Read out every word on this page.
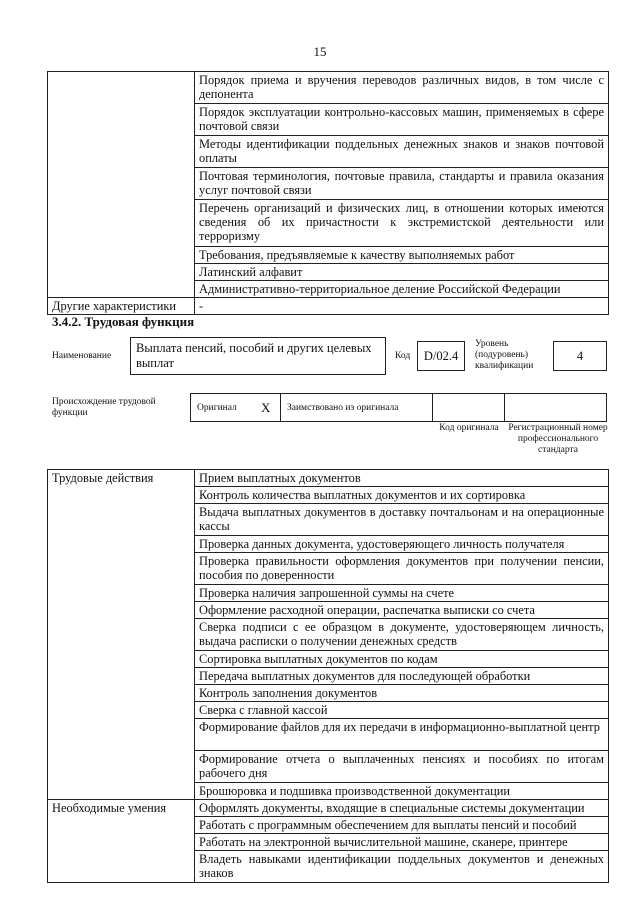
15
	Порядок приема и вручения переводов различных видов, в том числе с депонента
	Порядок эксплуатации контрольно-кассовых машин, применяемых в сфере почтовой связи
	Методы идентификации поддельных денежных знаков и знаков почтовой оплаты
	Почтовая терминология, почтовые правила, стандарты и правила оказания услуг почтовой связи
	Перечень организаций и физических лиц, в отношении которых имеются сведения об их причастности к экстремистской деятельности или терроризму
	Требования, предъявляемые к качеству выполняемых работ
	Латинский алфавит
	Административно-территориальное деление Российской Федерации
Другие характеристики	-
3.4.2. Трудовая функция
Наименование
Выплата пенсий, пособий и других целевых выплат	Код	D/02.4
Уровень (подуровень) квалификации
4
Происхождение трудовой функции	Оригинал X Заимствовано из оригинала
Код оригинала	Регистрационный номер профессионального стандарта
Трудовые действия	Прием выплатных документов
	Контроль количества выплатных документов и их сортировка
	Выдача выплатных документов в доставку почтальонам и на операционные кассы
	Проверка данных документа, удостоверяющего личность получателя
	Проверка правильности оформления документов при получении пенсии, пособия по доверенности
	Проверка наличия запрошенной суммы на счете
	Оформление расходной операции, распечатка выписки со счета
	Сверка подписи с ее образцом в документе, удостоверяющем личность, выдача расписки о получении денежных средств
	Сортировка выплатных документов по кодам
	Передача выплатных документов для последующей обработки
	Контроль заполнения документов
	Сверка с главной кассой
	Формирование файлов для их передачи в информационно-выплатной центр
	Формирование отчета о выплаченных пенсиях и пособиях по итогам рабочего дня
	Брошюровка и подшивка производственной документации
Необходимые умения	Оформлять документы, входящие в специальные системы документации
	Работать с программным обеспечением для выплаты пенсий и пособий
	Работать на электронной вычислительной машине, сканере, принтере
	Владеть навыками идентификации поддельных документов и денежных знаков
